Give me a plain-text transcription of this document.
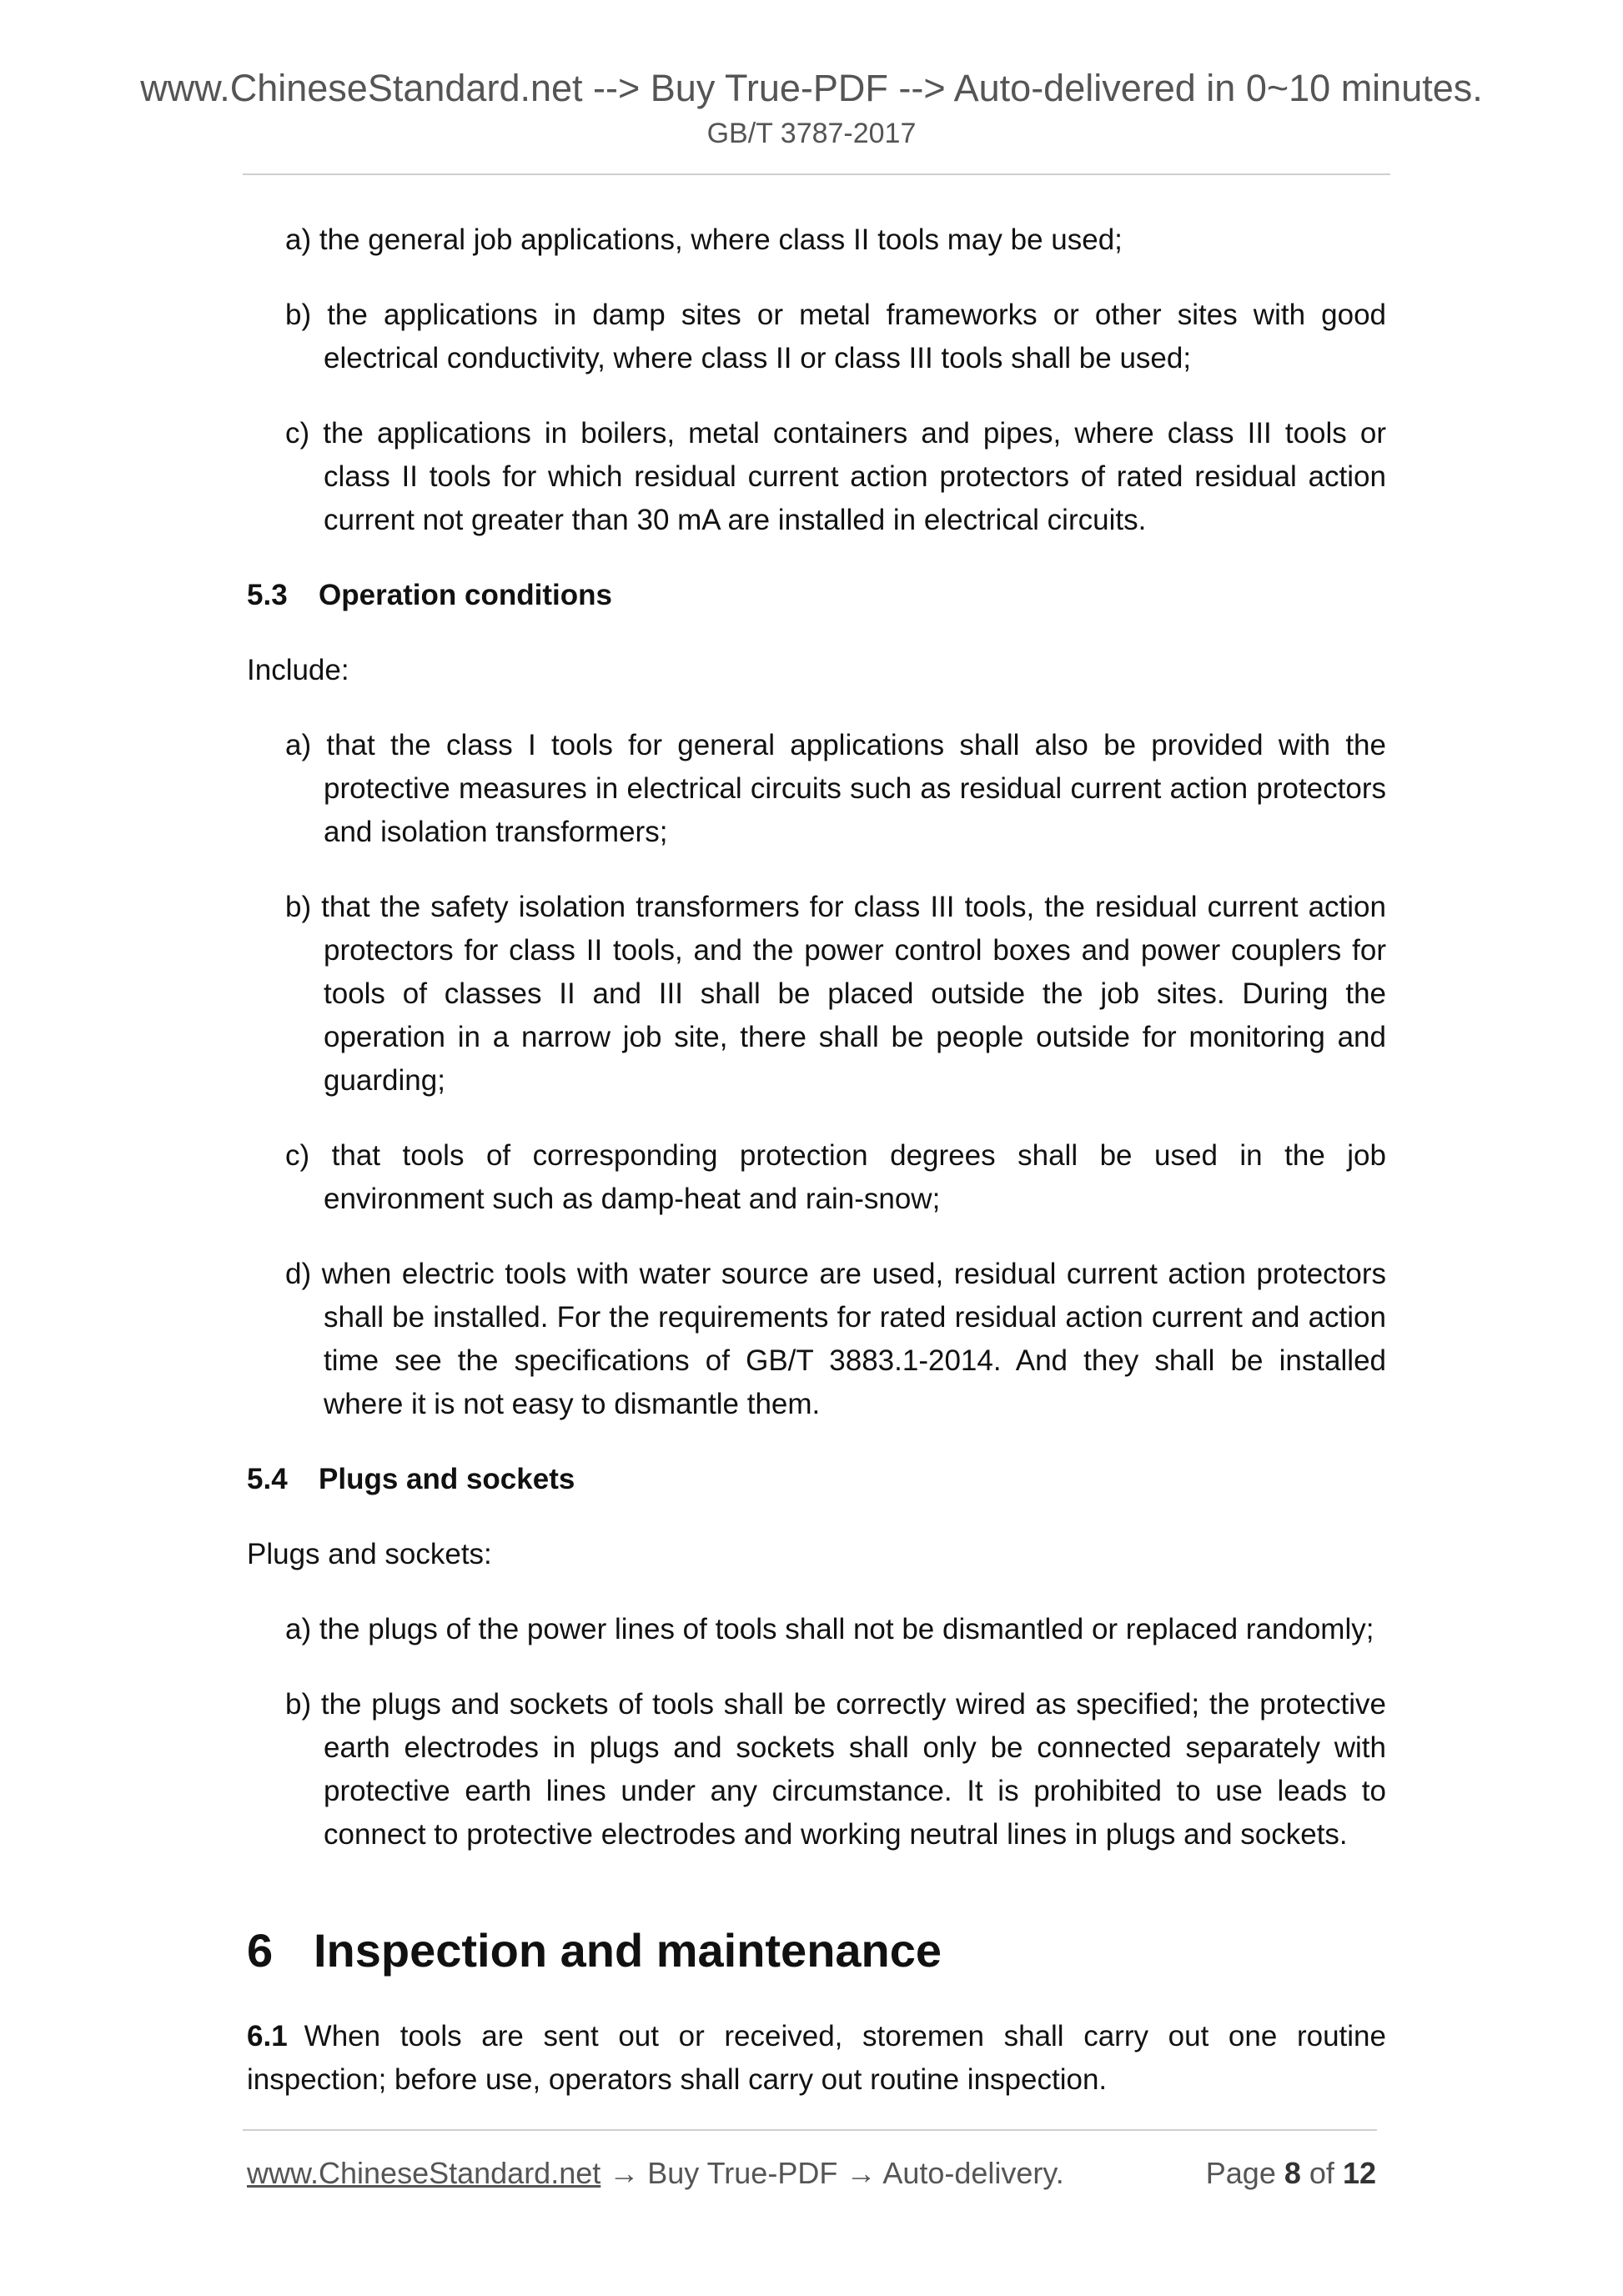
www.ChineseStandard.net --> Buy True-PDF --> Auto-delivered in 0~10 minutes.
GB/T 3787-2017

a) the general job applications, where class II tools may be used;

b) the applications in damp sites or metal frameworks or other sites with good electrical conductivity, where class II or class III tools shall be used;

c) the applications in boilers, metal containers and pipes, where class III tools or class II tools for which residual current action protectors of rated residual action current not greater than 30 mA are installed in electrical circuits.

5.3 Operation conditions

Include:

a) that the class I tools for general applications shall also be provided with the protective measures in electrical circuits such as residual current action protectors and isolation transformers;

b) that the safety isolation transformers for class III tools, the residual current action protectors for class II tools, and the power control boxes and power couplers for tools of classes II and III shall be placed outside the job sites. During the operation in a narrow job site, there shall be people outside for monitoring and guarding;

c) that tools of corresponding protection degrees shall be used in the job environment such as damp-heat and rain-snow;

d) when electric tools with water source are used, residual current action protectors shall be installed. For the requirements for rated residual action current and action time see the specifications of GB/T 3883.1-2014. And they shall be installed where it is not easy to dismantle them.

5.4 Plugs and sockets

Plugs and sockets:

a) the plugs of the power lines of tools shall not be dismantled or replaced randomly;

b) the plugs and sockets of tools shall be correctly wired as specified; the protective earth electrodes in plugs and sockets shall only be connected separately with protective earth lines under any circumstance. It is prohibited to use leads to connect to protective electrodes and working neutral lines in plugs and sockets.

6 Inspection and maintenance

6.1 When tools are sent out or received, storemen shall carry out one routine inspection; before use, operators shall carry out routine inspection.

www.ChineseStandard.net → Buy True-PDF → Auto-delivery.	Page 8 of 12
